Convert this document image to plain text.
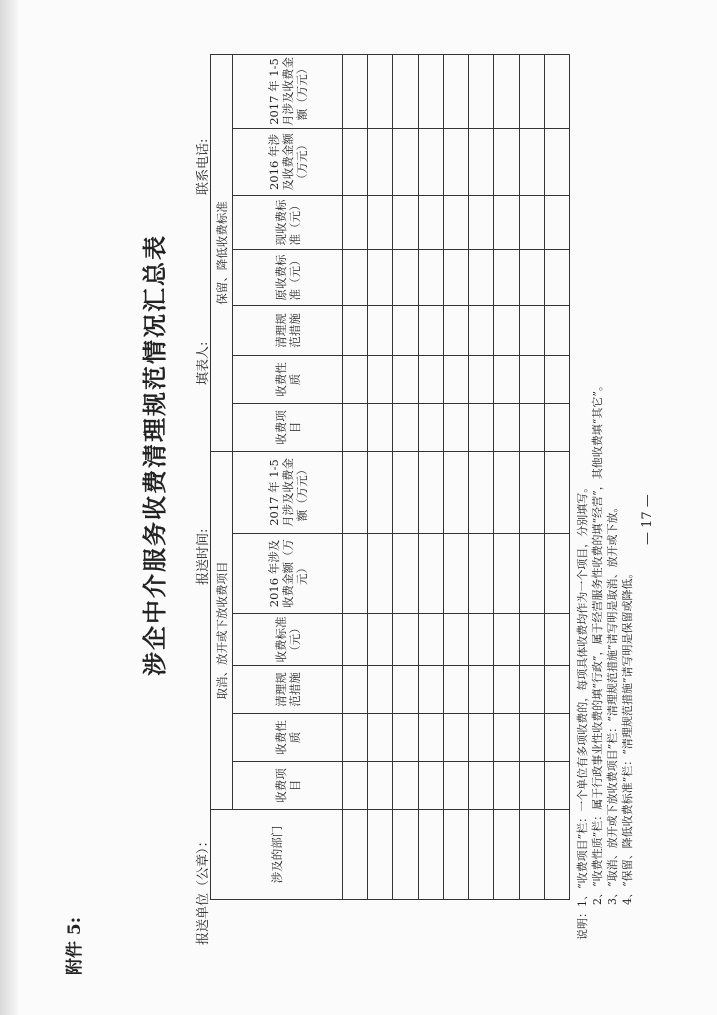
附件 5:
涉企中介服务收费清理规范情况汇总表
报送单位（公章）：
报送时间:
填表人:
联系电话:
涉及的部门	取消、放开或下放收费项目						保留、降低收费标准						
	收费项目	收费性质	清理规范措施	收费标准（元）	2016 年涉及收费金额（万元）	2017 年 1-5 月涉及收费金额（万元）	收费项目	收费性质	清理规范措施	原收费标准（元）	现收费标准（元）	2016 年涉及收费金额（万元）	2017 年 1-5 月涉及收费金额（万元）

说明：1、“收费项目”栏：一个单位有多项收费的，每项具体收费均作为一个项目，分别填写。 2、“收费性质”栏：属于行政事业性收费的填“行政”，属于经营服务性收费的填“经营”，其他收费填“其它”。 3、“取消、放开或下放收费项目”栏：“清理规范措施”请写明是取消、放开或下放。 4、“保留、降低收费标准”栏：“清理规范措施”请写明是保留或降低。
— 17 —
